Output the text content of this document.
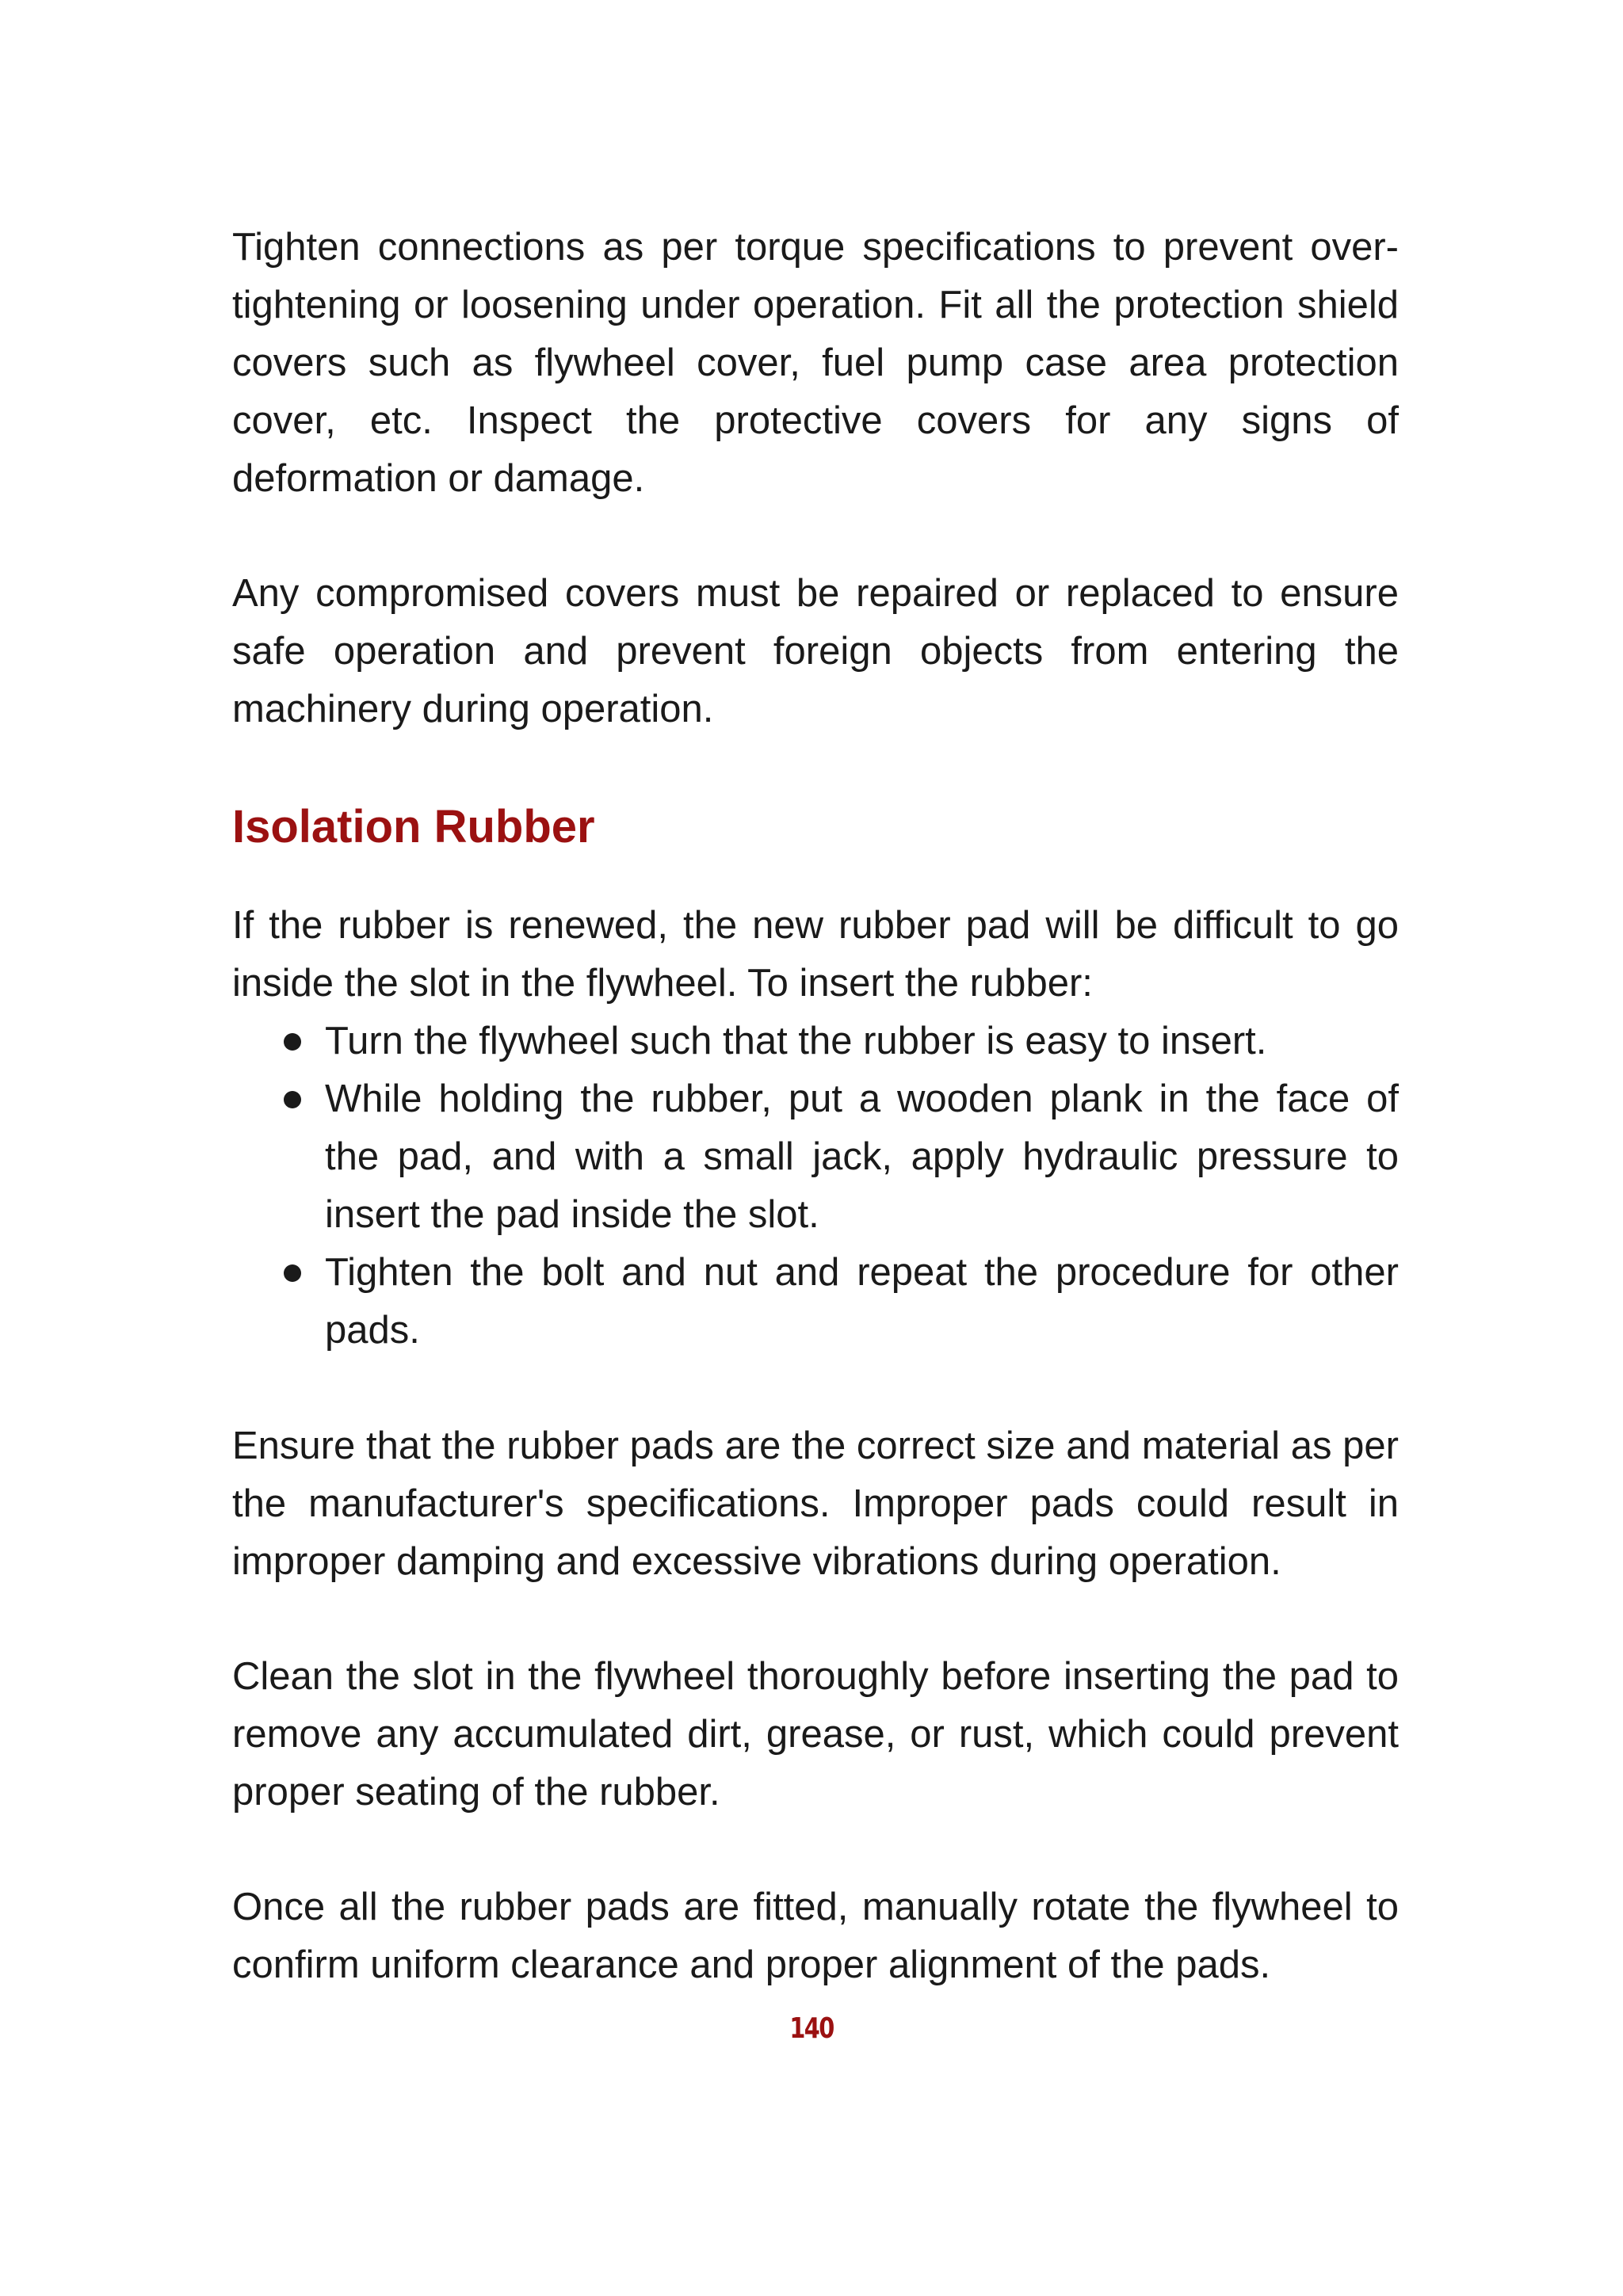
Tighten connections as per torque specifications to prevent over-tightening or loosening under operation. Fit all the protection shield covers such as flywheel cover, fuel pump case area protection cover, etc. Inspect the protective covers for any signs of deformation or damage.

Any compromised covers must be repaired or replaced to ensure safe operation and prevent foreign objects from entering the machinery during operation.

Isolation Rubber

If the rubber is renewed, the new rubber pad will be difficult to go inside the slot in the flywheel. To insert the rubber:

Turn the flywheel such that the rubber is easy to insert.
While holding the rubber, put a wooden plank in the face of the pad, and with a small jack, apply hydraulic pressure to insert the pad inside the slot.
Tighten the bolt and nut and repeat the procedure for other pads.

Ensure that the rubber pads are the correct size and material as per the manufacturer's specifications. Improper pads could result in improper damping and excessive vibrations during operation.

Clean the slot in the flywheel thoroughly before inserting the pad to remove any accumulated dirt, grease, or rust, which could prevent proper seating of the rubber.

Once all the rubber pads are fitted, manually rotate the flywheel to confirm uniform clearance and proper alignment of the pads.

140
